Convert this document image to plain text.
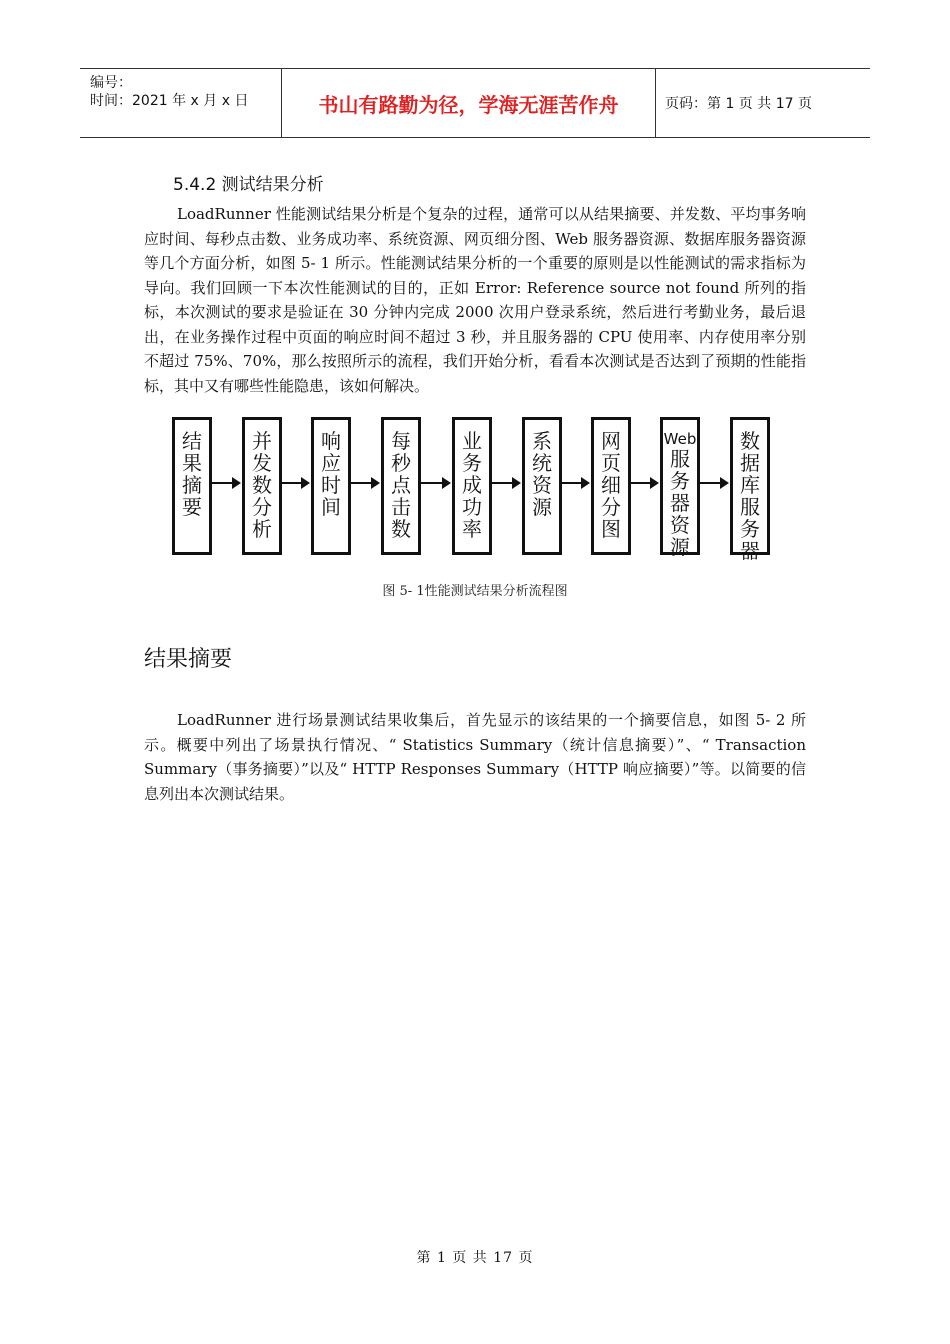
编号：
时间：2021 年 x 月 x 日	书山有路勤为径，学海无涯苦作舟	页码：第 1 页 共 17 页
5.4.2 测试结果分析

LoadRunner 性能测试结果分析是个复杂的过程，通常可以从结果摘要、并发数、平均事务响应时间、每秒点击数、业务成功率、系统资源、网页细分图、Web 服务器资源、数据库服务器资源等几个方面分析，如图 5- 1 所示。性能测试结果分析的一个重要的原则是以性能测试的需求指标为导向。我们回顾一下本次性能测试的目的，正如 Error: Reference source not found 所列的指标，本次测试的要求是验证在 30 分钟内完成 2000 次用户登录系统，然后进行考勤业务，最后退出，在业务操作过程中页面的响应时间不超过 3 秒，并且服务器的 CPU 使用率、内存使用率分别不超过 75%、70%，那么按照所示的流程，我们开始分析，看看本次测试是否达到了预期的性能指标，其中又有哪些性能隐患，该如何解决。

结
果
摘
要
并
发
数
分
析
响
应
时
间
每
秒
点
击
数
业
务
成
功
率
系
统
资
源
网
页
细
分
图
Web
服
务
器
资
源
数
据
库
服
务
器
图 5- 1性能测试结果分析流程图
结果摘要

LoadRunner 进行场景测试结果收集后，首先显示的该结果的一个摘要信息，如图 5- 2 所示。概要中列出了场景执行情况、“ Statistics Summary（统计信息摘要）”、“ Transaction Summary（事务摘要）”以及“ HTTP Responses Summary（HTTP 响应摘要）”等。以简要的信息列出本次测试结果。

第 1 页 共 17 页
